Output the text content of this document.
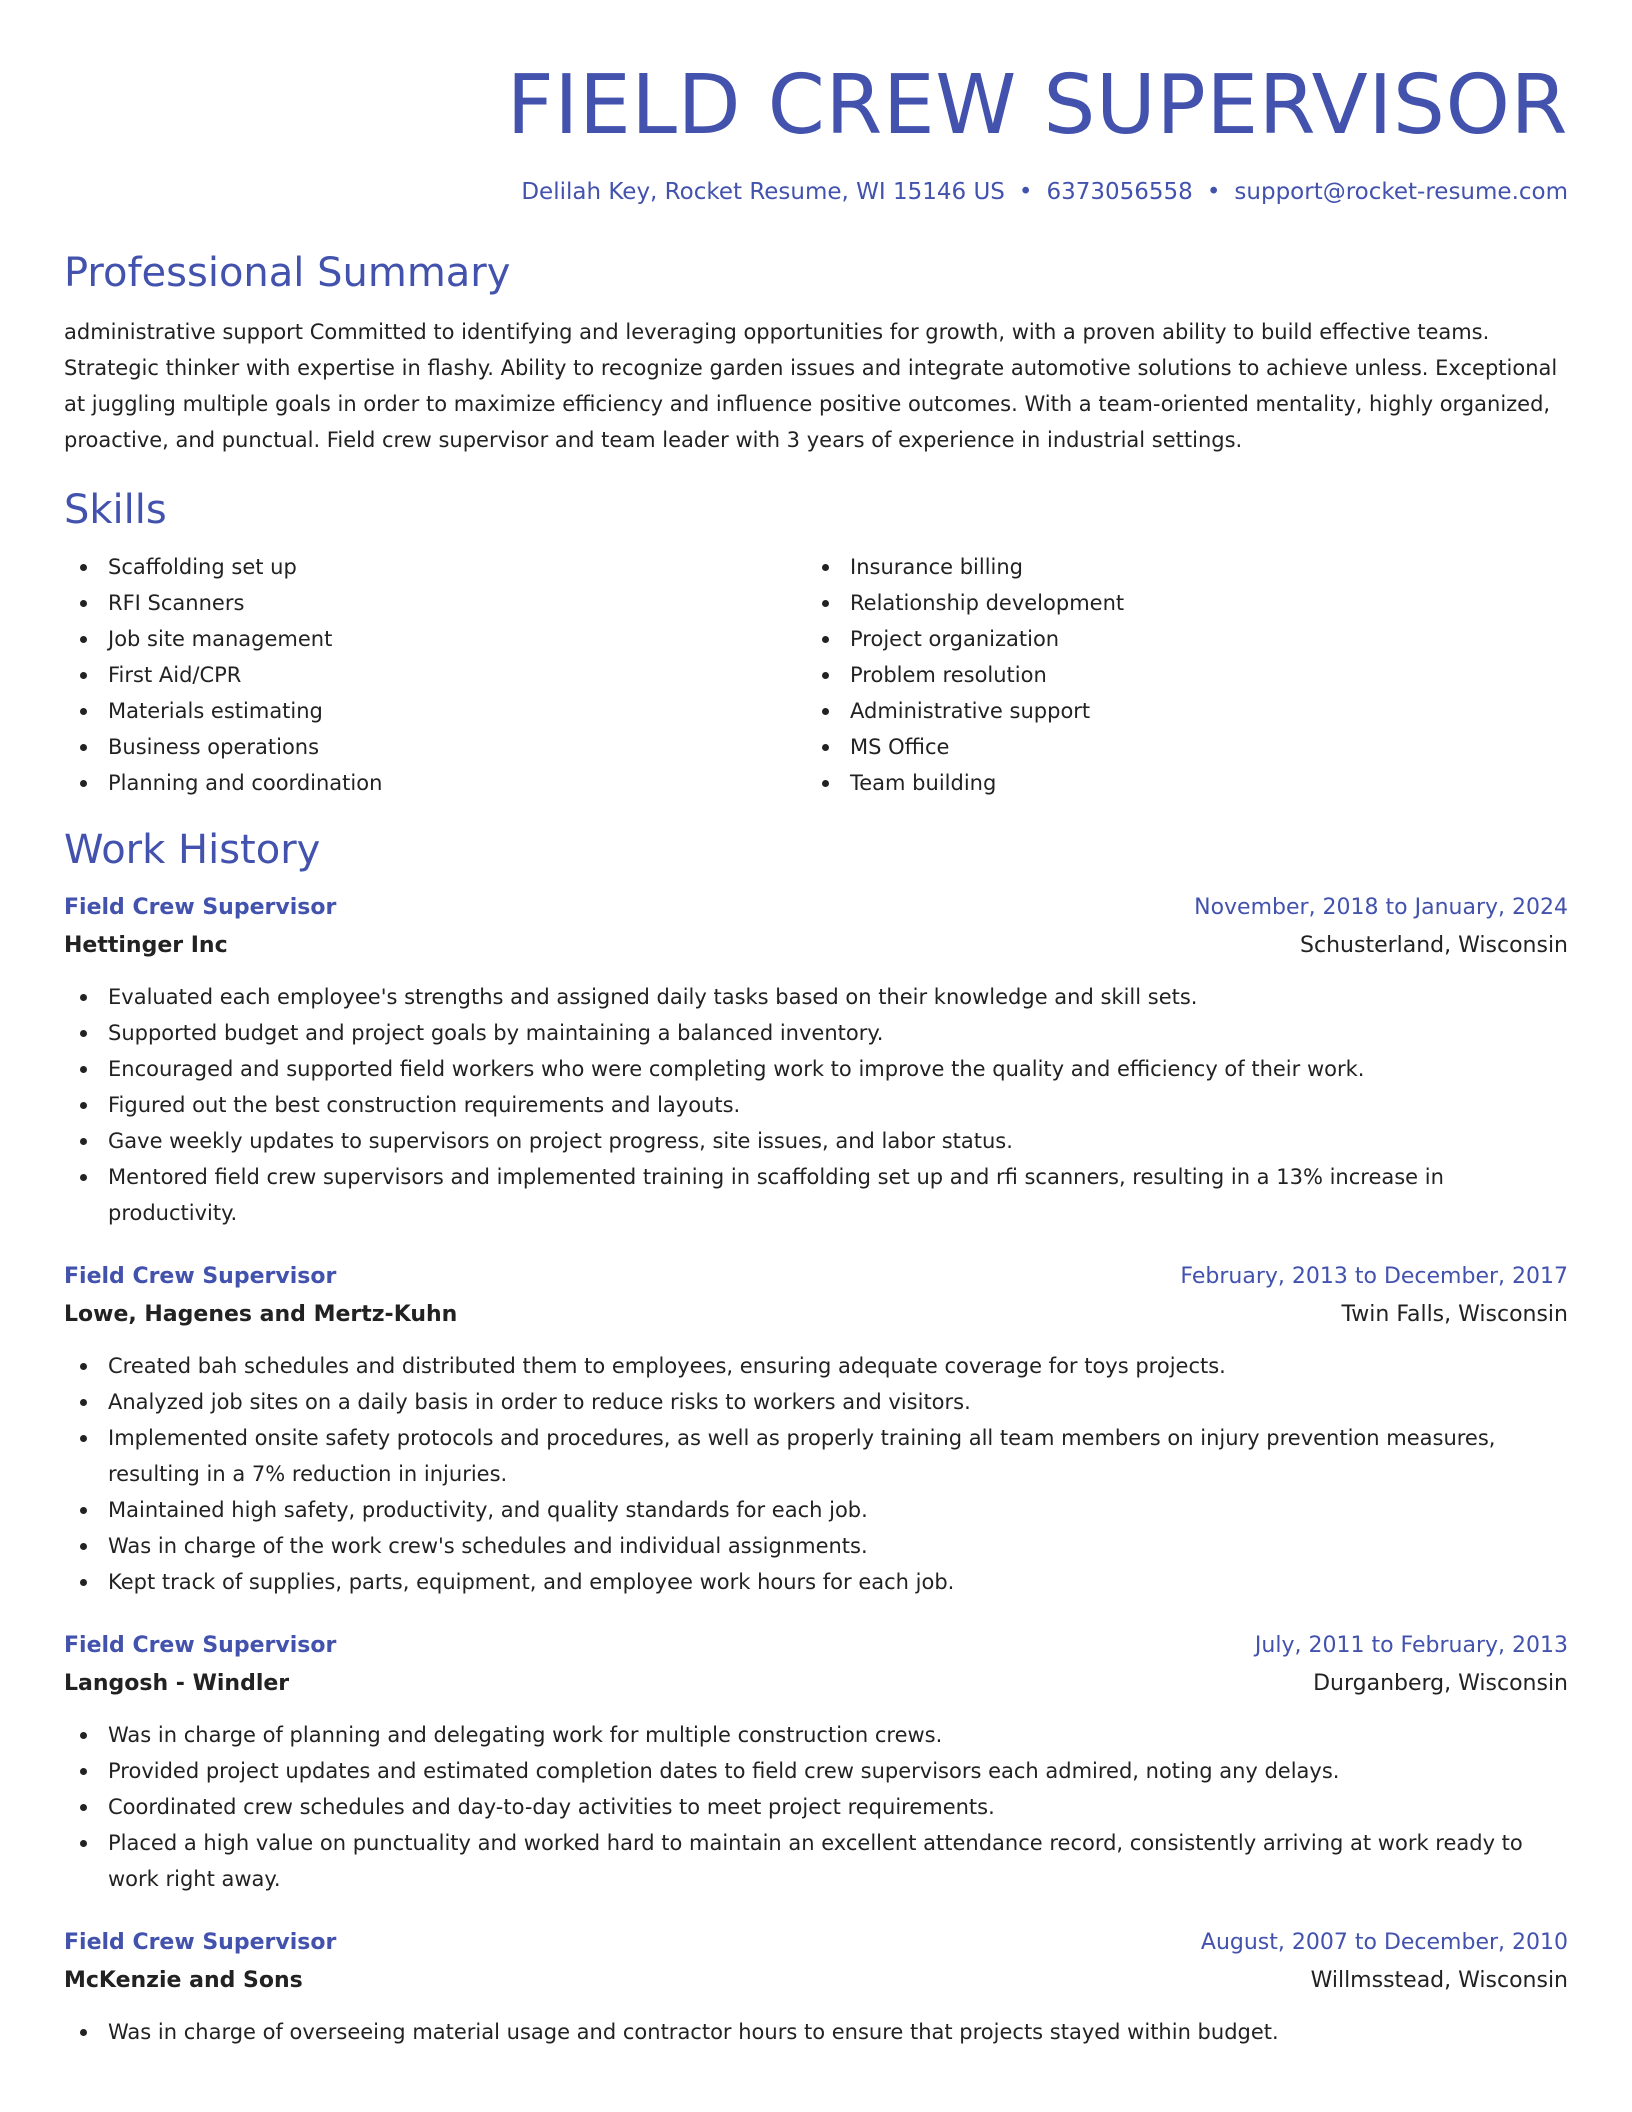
FIELD CREW SUPERVISOR
Delilah Key, Rocket Resume, WI 15146 US • 6373056558 • support@rocket-resume.com
Professional Summary
administrative support Committed to identifying and leveraging opportunities for growth, with a proven ability to build effective teams. Strategic thinker with expertise in flashy. Ability to recognize garden issues and integrate automotive solutions to achieve unless. Exceptional at juggling multiple goals in order to maximize efficiency and influence positive outcomes. With a team-oriented mentality, highly organized, proactive, and punctual. Field crew supervisor and team leader with 3 years of experience in industrial settings.
Skills
Scaffolding set up
RFI Scanners
Job site management
First Aid/CPR
Materials estimating
Business operations
Planning and coordination
Insurance billing
Relationship development
Project organization
Problem resolution
Administrative support
MS Office
Team building
Work History
Field Crew Supervisor	November, 2018 to January, 2024
Hettinger Inc	Schusterland, Wisconsin
Evaluated each employee's strengths and assigned daily tasks based on their knowledge and skill sets.
Supported budget and project goals by maintaining a balanced inventory.
Encouraged and supported field workers who were completing work to improve the quality and efficiency of their work.
Figured out the best construction requirements and layouts.
Gave weekly updates to supervisors on project progress, site issues, and labor status.
Mentored field crew supervisors and implemented training in scaffolding set up and rfi scanners, resulting in a 13% increase in productivity.
Field Crew Supervisor	February, 2013 to December, 2017
Lowe, Hagenes and Mertz-Kuhn	Twin Falls, Wisconsin
Created bah schedules and distributed them to employees, ensuring adequate coverage for toys projects.
Analyzed job sites on a daily basis in order to reduce risks to workers and visitors.
Implemented onsite safety protocols and procedures, as well as properly training all team members on injury prevention measures, resulting in a 7% reduction in injuries.
Maintained high safety, productivity, and quality standards for each job.
Was in charge of the work crew's schedules and individual assignments.
Kept track of supplies, parts, equipment, and employee work hours for each job.
Field Crew Supervisor	July, 2011 to February, 2013
Langosh - Windler	Durganberg, Wisconsin
Was in charge of planning and delegating work for multiple construction crews.
Provided project updates and estimated completion dates to field crew supervisors each admired, noting any delays.
Coordinated crew schedules and day-to-day activities to meet project requirements.
Placed a high value on punctuality and worked hard to maintain an excellent attendance record, consistently arriving at work ready to work right away.
Field Crew Supervisor	August, 2007 to December, 2010
McKenzie and Sons	Willmsstead, Wisconsin
Was in charge of overseeing material usage and contractor hours to ensure that projects stayed within budget.
